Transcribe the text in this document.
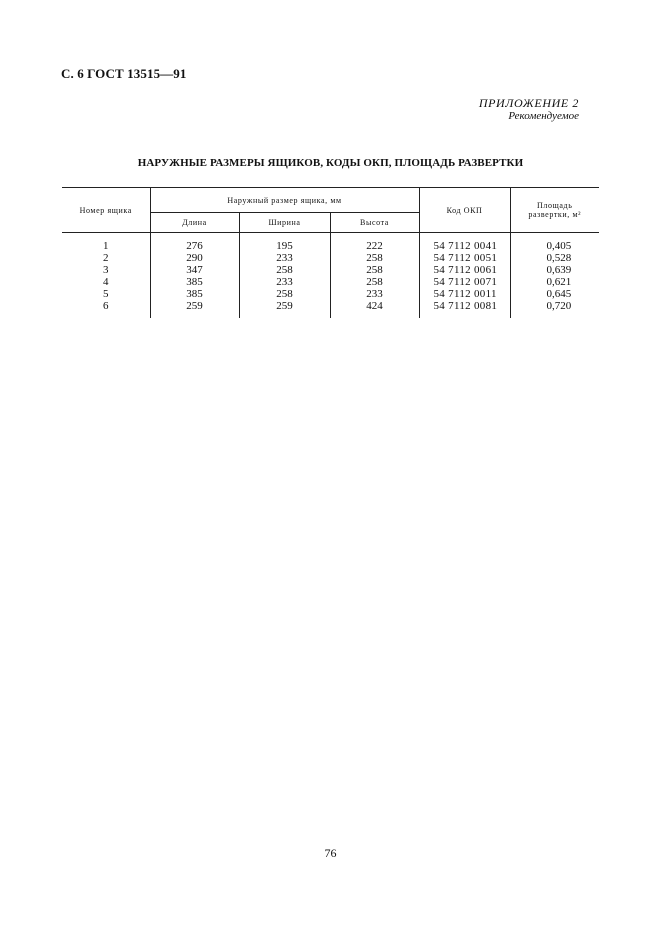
С. 6 ГОСТ 13515—91
ПРИЛОЖЕНИЕ 2
Рекомендуемое
НАРУЖНЫЕ РАЗМЕРЫ ЯЩИКОВ, КОДЫ ОКП, ПЛОЩАДЬ РАЗВЕРТКИ
Номер ящика	Наружный размер ящика, мм			Код ОКП	Площадь
развертки, м²

	Длина	Ширина	Высота		
1	276	195	222	54 7112 0041	0,405
2	290	233	258	54 7112 0051	0,528
3	347	258	258	54 7112 0061	0,639
4	385	233	258	54 7112 0071	0,621
5	385	258	233	54 7112 0011	0,645
6	259	259	424	54 7112 0081	0,720
76
